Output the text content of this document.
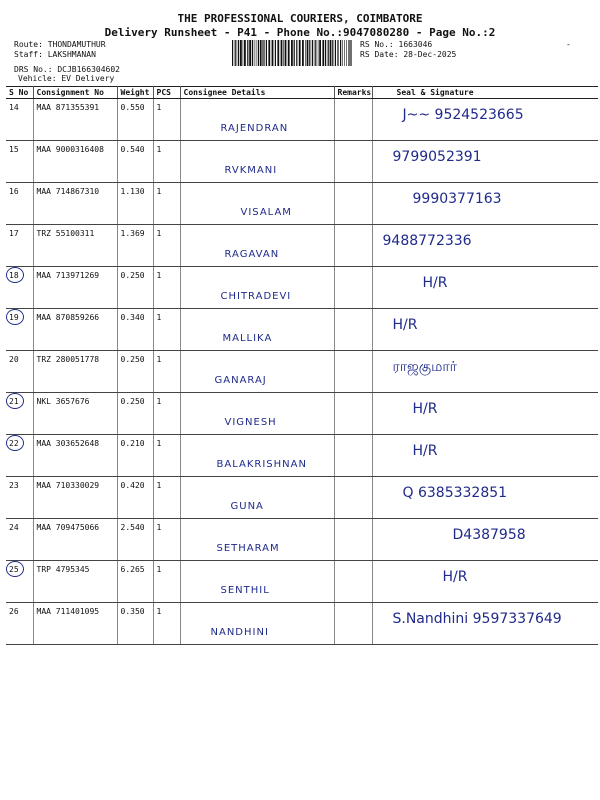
THE PROFESSIONAL COURIERS, COIMBATORE
Delivery Runsheet - P41 - Phone No.:9047080280 - Page No.:2
Route: THONDAMUTHUR
Staff: LAKSHMANAN
DRS No.: DCJB166304602
Vehicle: EV Delivery
RS No.: 1663046
RS Date: 28-Dec-2025
-
S No	Consignment No	Weight	PCS	Consignee Details	Remarks	Seal & Signature
14	MAA 871355391	0.550	1	RAJENDRAN		J~~ 9524523665

15	MAA 9000316408	0.540	1	RVKMANI		9799052391

16	MAA 714867310	1.130	1	VISALAM		9990377163

17	TRZ 55100311	1.369	1	RAGAVAN		9488772336

18	MAA 713971269	0.250	1	CHITRADEVI		H/R

19	MAA 870859266	0.340	1	MALLIKA		H/R

20	TRZ 280051778	0.250	1	GANARAJ		ராஜகுமார்

21	NKL 3657676	0.250	1	VIGNESH		H/R

22	MAA 303652648	0.210	1	BALAKRISHNAN		H/R

23	MAA 710330029	0.420	1	GUNA		Q 6385332851

24	MAA 709475066	2.540	1	SETHARAM		D4387958

25	TRP 4795345	6.265	1	SENTHIL		H/R

26	MAA 711401095	0.350	1	NANDHINI		S.Nandhini 9597337649
